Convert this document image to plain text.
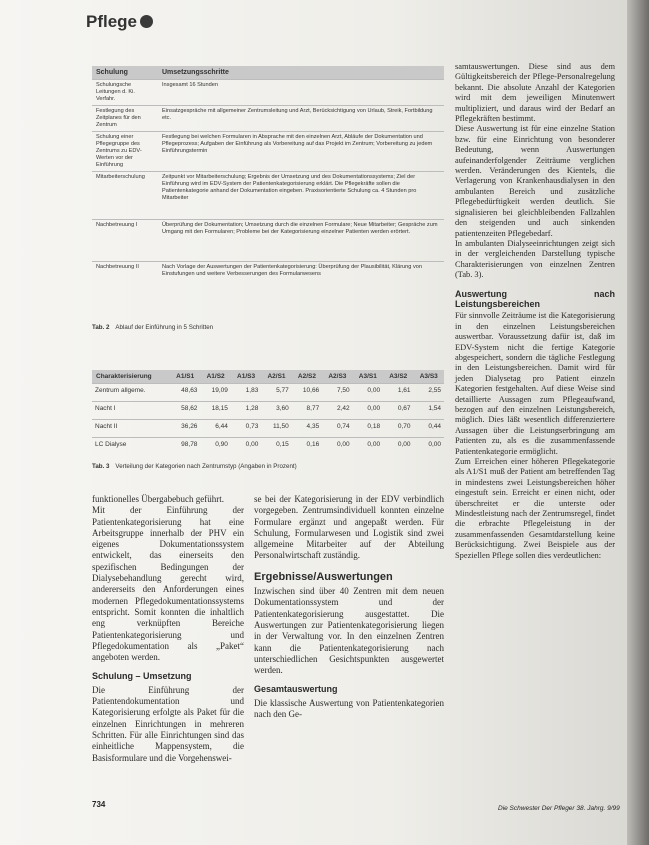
Pflege
Schulung	Umsetzungsschritte
Schulungsche Leitungen d. Ki. Verfahr.	Insgesamt 16 Stunden
Festlegung des Zeitplanes für den Zentrum	Einsatzgespräche mit allgemeiner Zentrumsleitung und Arzt, Berücksichtigung von Urlaub, Streik, Fortbildung etc.
Schulung einer Pflegegruppe des Zentrums zu EDV-Werten vor der Einführung	Festlegung bei welchen Formularen in Absprache mit den einzelnen Arzt, Abläufe der Dokumentation und Pflegeprozess; Aufgaben der Einführung als Vorbereitung auf das Projekt im Zentrum; Vorbereitung zu jedem Einführungstermin
Mitarbeiterschulung	Zeitpunkt vor Mitarbeiterschulung; Ergebnis der Umsetzung und des Dokumentationssystems; Ziel der Einführung wird im EDV-System der Patientenkategorisierung erklärt. Die Pflegekräfte sollen die Patientenkategorie anhand der Dokumentation eingeben. Praxisorientierte Schulung ca. 4 Stunden pro Mitarbeiter
Nachbetreuung I	Überprüfung der Dokumentation; Umsetzung durch die einzelnen Formulare; Neue Mitarbeiter; Gespräche zum Umgang mit den Formularen; Probleme bei der Kategorisierung einzelner Patienten werden erörtert.
Nachbetreuung II	Nach Vorlage der Auswertungen der Patientenkategorisierung: Überprüfung der Plausibilität, Klärung von Einstufungen und weitere Verbesserungen des Formularwesens
Tab. 2 Ablauf der Einführung in 5 Schritten
Charakterisierung	A1/S1	A1/S2	A1/S3	A2/S1	A2/S2	A2/S3	A3/S1	A3/S2	A3/S3
Zentrum allgeme.	48,63	19,09	1,83	5,77	10,66	7,50	0,00	1,61	2,55
Nacht I	58,62	18,15	1,28	3,60	8,77	2,42	0,00	0,67	1,54
Nacht II	36,26	6,44	0,73	11,50	4,35	0,74	0,18	0,70	0,44
LC Dialyse	98,78	0,90	0,00	0,15	0,16	0,00	0,00	0,00	0,00
Tab. 3 Verteilung der Kategorien nach Zentrumstyp (Angaben in Prozent)

funktionelles Übergabebuch geführt.

Mit der Einführung der Patientenkategorisierung hat eine Arbeitsgruppe innerhalb der PHV ein eigenes Dokumentationssystem entwickelt, das einerseits den spezifischen Bedingungen der Dialysebehandlung gerecht wird, andererseits den Anforderungen eines modernen Pflegedokumentationssystems entspricht. Somit konnten die inhaltlich eng verknüpften Bereiche Patientenkategorisierung und Pflegedokumentation als „Paket“ angeboten werden.

Schulung – Umsetzung

Die Einführung der Patientendokumentation und Kategorisierung erfolgte als Paket für die einzelnen Einrichtungen in mehreren Schritten. Für alle Einrichtungen sind das einheitliche Mappensystem, die Basisformulare und die Vorgehenswei-

se bei der Kategorisierung in der EDV verbindlich vorgegeben. Zentrumsindividuell konnten einzelne Formulare ergänzt und angepaßt werden. Für Schulung, Formularwesen und Logistik sind zwei allgemeine Mitarbeiter auf der Abteilung Personalwirtschaft zuständig.

Ergebnisse/Auswertungen

Inzwischen sind über 40 Zentren mit dem neuen Dokumentationssystem und der Patientenkategorisierung ausgestattet. Die Auswertungen zur Patientenkategorisierung liegen in der Verwaltung vor. In den einzelnen Zentren kann die Patientenkategorisierung nach unterschiedlichen Gesichtspunkten ausgewertet werden.

Gesamtauswertung

Die klassische Auswertung von Patientenkategorien nach den Ge-

samtauswertungen. Diese sind aus dem Gültigkeitsbereich der Pflege-Personalregelung bekannt. Die absolute Anzahl der Kategorien wird mit dem jeweiligen Minutenwert multipliziert, und daraus wird der Bedarf an Pflegekräften bestimmt.

Diese Auswertung ist für eine einzelne Station bzw. für eine Einrichtung von besonderer Bedeutung, wenn Auswertungen aufeinanderfolgender Zeiträume verglichen werden. Veränderungen des Kientels, die Verlagerung von Krankenhausdialysen in den ambulanten Bereich und zusätzliche Pflegebedürftigkeit werden deutlich. Sie signalisieren bei gleichbleibenden Fallzahlen den steigenden und auch sinkenden patientenzeiten Pflegebedarf.

In ambulanten Dialyseeinrichtungen zeigt sich in der vergleichenden Darstellung typische Charakterisierungen von einzelnen Zentren (Tab. 3).

Auswertung nach Leistungsbereichen

Für sinnvolle Zeiträume ist die Kategorisierung in den einzelnen Leistungsbereichen auswertbar. Voraussetzung dafür ist, daß im EDV-System nicht die fertige Kategorie abgespeichert, sondern die tägliche Festlegung in den Leistungsbereichen. Damit wird für jeden Dialysetag pro Patient einzeln Kategorien festgehalten. Auf diese Weise sind detaillierte Aussagen zum Pflegeaufwand, bezogen auf den einzelnen Leistungsbereich, möglich. Dies läßt wesentlich differenziertere Aussagen über die Leistungserbringung am Patienten zu, als es die zusammenfassende Patientenkategorie ermöglicht.

Zum Erreichen einer höheren Pflegekategorie als A1/S1 muß der Patient am betreffenden Tag in mindestens zwei Leistungsbereichen höher eingestuft sein. Erreicht er einen nicht, oder überschreitet er die unterste oder Mindestleistung nach der Zentrumsregel, findet die erbrachte Pflegeleistung in der zusammenfassenden Gesamtdarstellung keine Berücksichtigung. Zwei Beispiele aus der Speziellen Pflege sollen dies verdeutlichen:

734	Die Schwester Der Pfleger 38. Jahrg. 9/99
